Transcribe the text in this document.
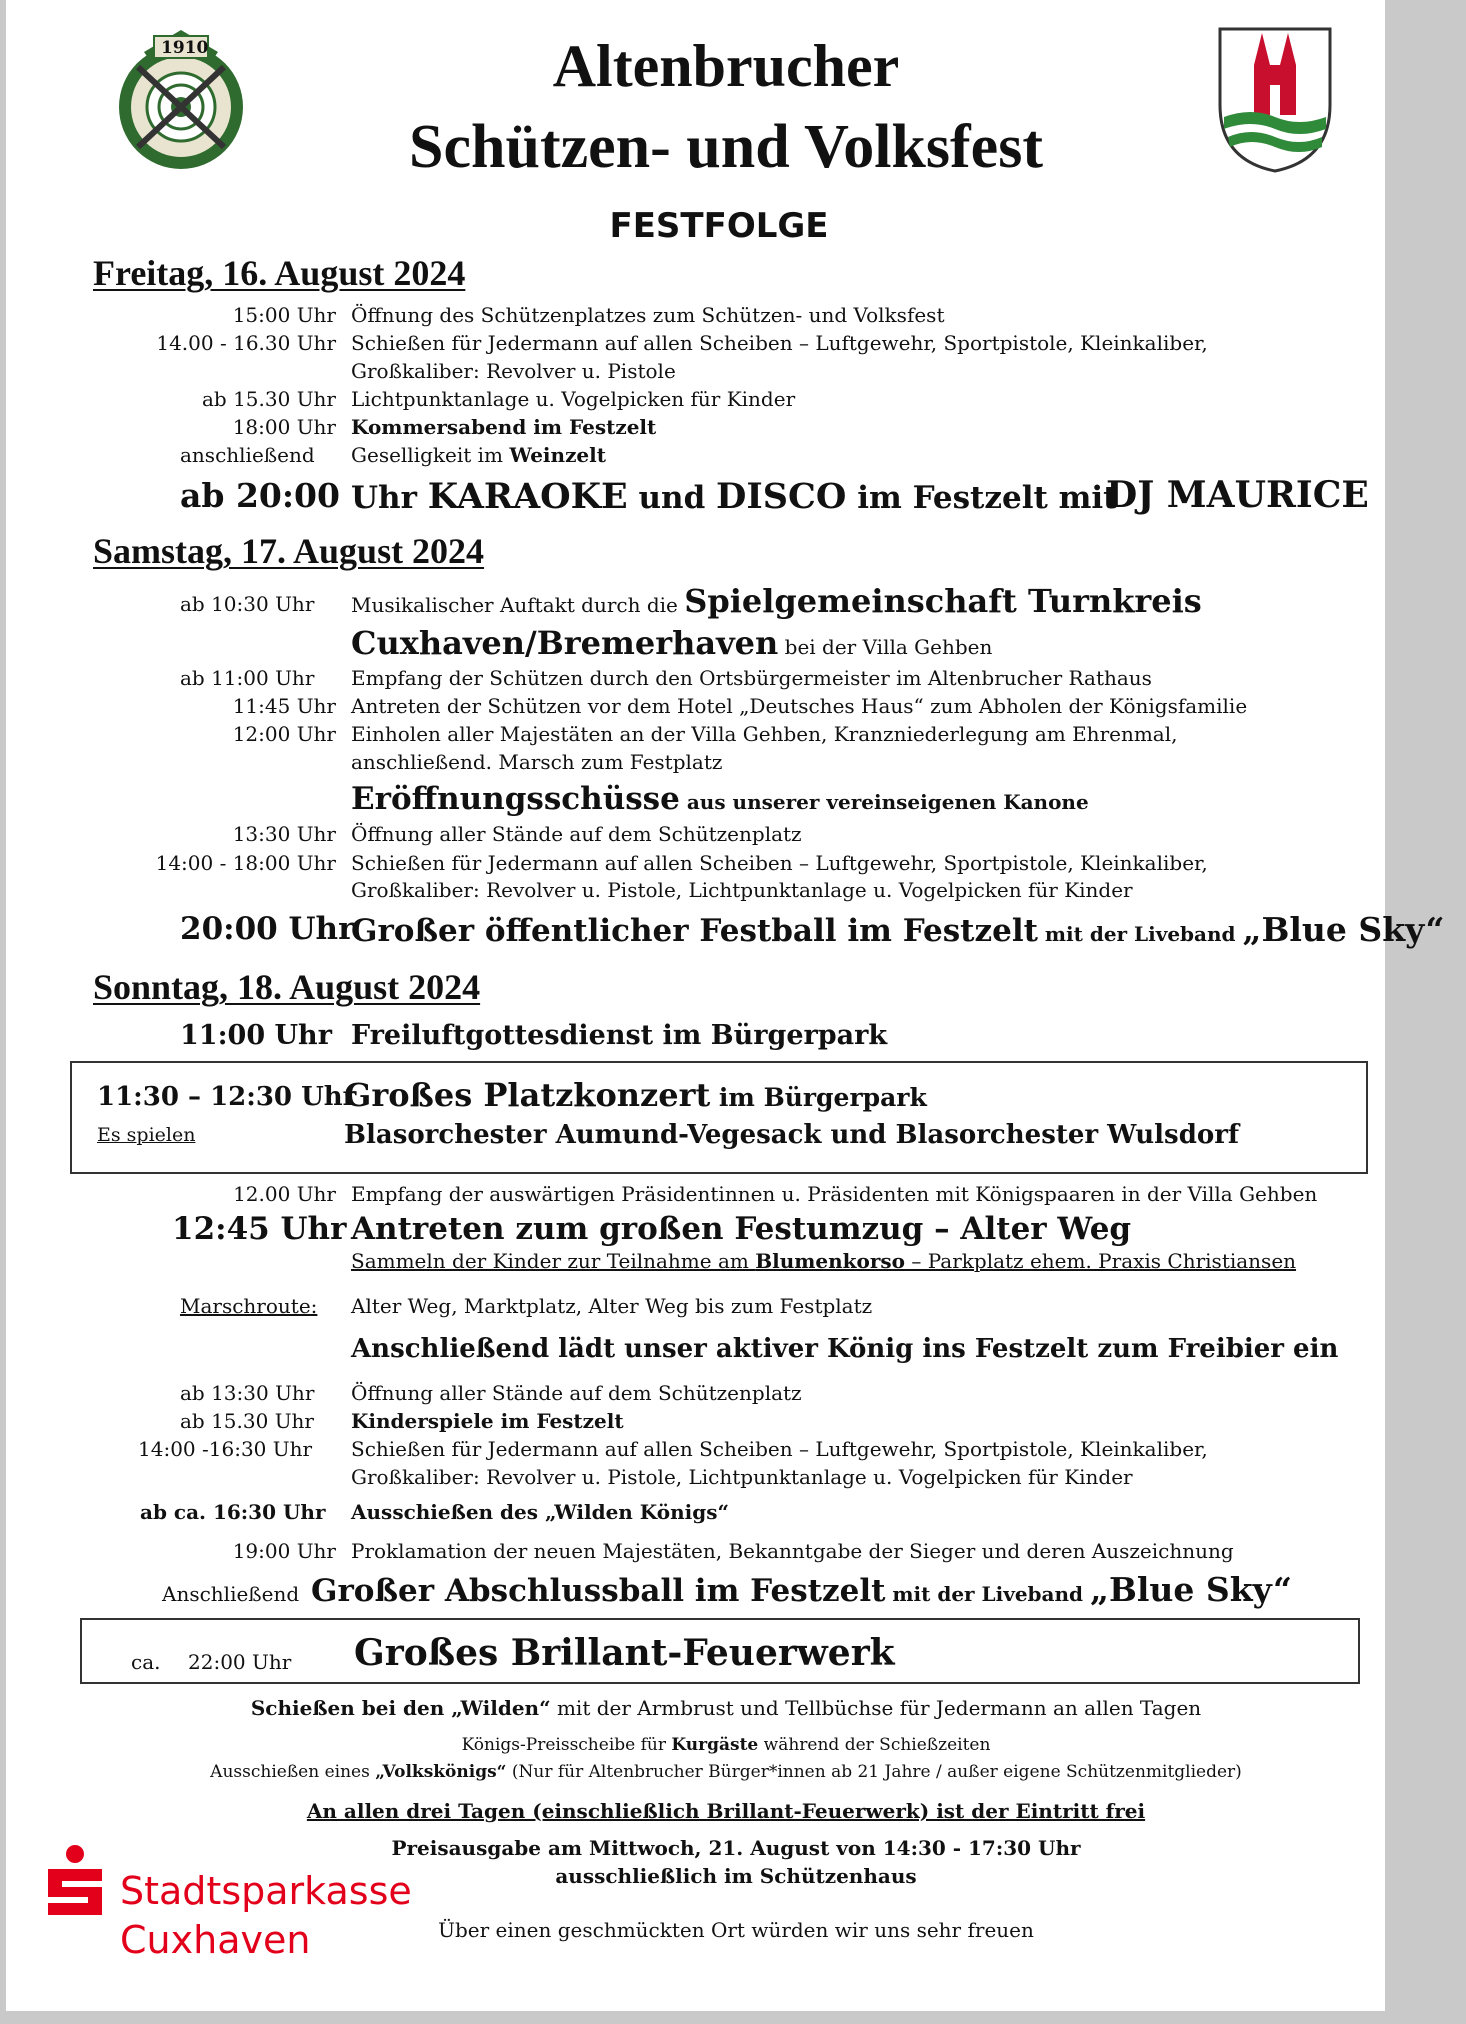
1910	Altenbrucher
Schützen- und Volksfest
FESTFOLGE
Freitag, 16. August 2024
15:00 Uhr Öffnung des Schützenplatzes zum Schützen- und Volksfest
14.00 - 16.30 Uhr Schießen für Jedermann auf allen Scheiben – Luftgewehr, Sportpistole, Kleinkaliber,
Großkaliber: Revolver u. Pistole
ab 15.30 Uhr Lichtpunktanlage u. Vogelpicken für Kinder
18:00 Uhr Kommersabend im Festzelt
anschließend Geselligkeit im Weinzelt
ab 20:00 Uhr KARAOKE und DISCO im Festzelt mit
DJ MAURICE
Samstag, 17. August 2024
ab 10:30 Uhr Musikalischer Auftakt durch die Spielgemeinschaft Turnkreis
Cuxhaven/Bremerhaven bei der Villa Gehben
ab 11:00 Uhr Empfang der Schützen durch den Ortsbürgermeister im Altenbrucher Rathaus
11:45 Uhr Antreten der Schützen vor dem Hotel „Deutsches Haus“ zum Abholen der Königsfamilie
12:00 Uhr Einholen aller Majestäten an der Villa Gehben, Kranzniederlegung am Ehrenmal,
anschließend. Marsch zum Festplatz
Eröffnungsschüsse aus unserer vereinseigenen Kanone
13:30 Uhr Öffnung aller Stände auf dem Schützenplatz
14:00 - 18:00 Uhr Schießen für Jedermann auf allen Scheiben – Luftgewehr, Sportpistole, Kleinkaliber,
Großkaliber: Revolver u. Pistole, Lichtpunktanlage u. Vogelpicken für Kinder
20:00 Uhr
Großer öffentlicher Festball im Festzelt mit der Liveband „Blue Sky“
Sonntag, 18. August 2024
11:00 Uhr Freiluftgottesdienst im Bürgerpark
11:30 – 12:30 Uhr
Großes Platzkonzert im Bürgerpark
Es spielen	Blasorchester Aumund-Vegesack und Blasorchester Wulsdorf
12.00 Uhr Empfang der auswärtigen Präsidentinnen u. Präsidenten mit Königspaaren in der Villa Gehben
12:45 Uhr Antreten zum großen Festumzug – Alter Weg
Sammeln der Kinder zur Teilnahme am Blumenkorso – Parkplatz ehem. Praxis Christiansen
Marschroute: Alter Weg, Marktplatz, Alter Weg bis zum Festplatz
Anschließend lädt unser aktiver König ins Festzelt zum Freibier ein
ab 13:30 Uhr Öffnung aller Stände auf dem Schützenplatz
ab 15.30 Uhr Kinderspiele im Festzelt
14:00 -16:30 Uhr Schießen für Jedermann auf allen Scheiben – Luftgewehr, Sportpistole, Kleinkaliber,
Großkaliber: Revolver u. Pistole, Lichtpunktanlage u. Vogelpicken für Kinder
ab ca. 16:30 Uhr Ausschießen des „Wilden Königs“
19:00 Uhr Proklamation der neuen Majestäten, Bekanntgabe der Sieger und deren Auszeichnung
Anschließend Großer Abschlussball im Festzelt mit der Liveband „Blue Sky“
ca. 22:00 Uhr Großes Brillant-Feuerwerk
Schießen bei den „Wilden“ mit der Armbrust und Tellbüchse für Jedermann an allen Tagen
Königs-Preisscheibe für Kurgäste während der Schießzeiten
Ausschießen eines „Volkskönigs“ (Nur für Altenbrucher Bürger*innen ab 21 Jahre / außer eigene Schützenmitglieder)
An allen drei Tagen (einschließlich Brillant-Feuerwerk) ist der Eintritt frei
Preisausgabe am Mittwoch, 21. August von 14:30 - 17:30 Uhr
ausschließlich im Schützenhaus
Über einen geschmückten Ort würden wir uns sehr freuen
Stadtsparkasse
Cuxhaven
